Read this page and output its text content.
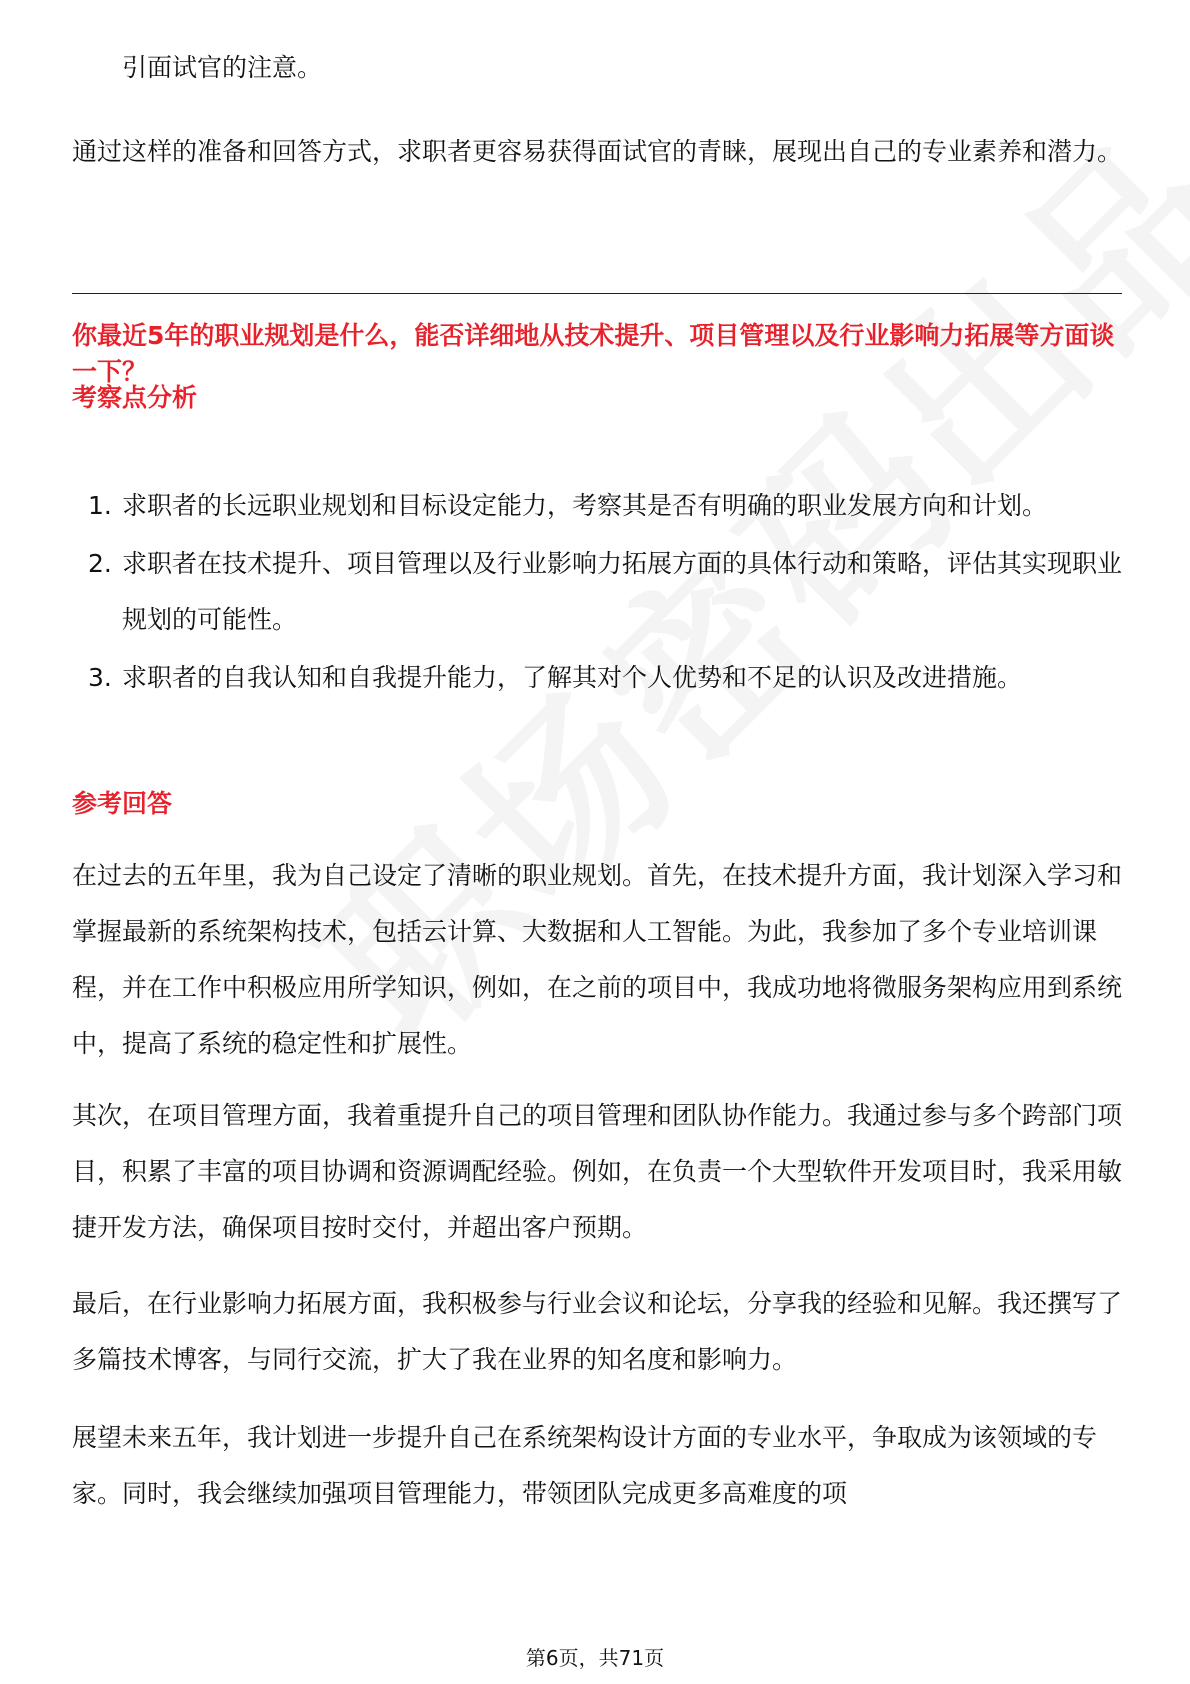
引面试官的注意。
通过这样的准备和回答方式，求职者更容易获得面试官的青睐，展现出自己的专业素养和潜力。
你最近5年的职业规划是什么，能否详细地从技术提升、项目管理以及行业影响力拓展等方面谈一下？
考察点分析
1. 求职者的长远职业规划和目标设定能力，考察其是否有明确的职业发展方向和计划。
2. 求职者在技术提升、项目管理以及行业影响力拓展方面的具体行动和策略，评估其实现职业规划的可能性。
3. 求职者的自我认知和自我提升能力，了解其对个人优势和不足的认识及改进措施。
参考回答
在过去的五年里，我为自己设定了清晰的职业规划。首先，在技术提升方面，我计划深入学习和掌握最新的系统架构技术，包括云计算、大数据和人工智能。为此，我参加了多个专业培训课程，并在工作中积极应用所学知识，例如，在之前的项目中，我成功地将微服务架构应用到系统中，提高了系统的稳定性和扩展性。
其次，在项目管理方面，我着重提升自己的项目管理和团队协作能力。我通过参与多个跨部门项目，积累了丰富的项目协调和资源调配经验。例如，在负责一个大型软件开发项目时，我采用敏捷开发方法，确保项目按时交付，并超出客户预期。
最后，在行业影响力拓展方面，我积极参与行业会议和论坛，分享我的经验和见解。我还撰写了多篇技术博客，与同行交流，扩大了我在业界的知名度和影响力。
展望未来五年，我计划进一步提升自己在系统架构设计方面的专业水平，争取成为该领域的专家。同时，我会继续加强项目管理能力，带领团队完成更多高难度的项
第6页，共71页
